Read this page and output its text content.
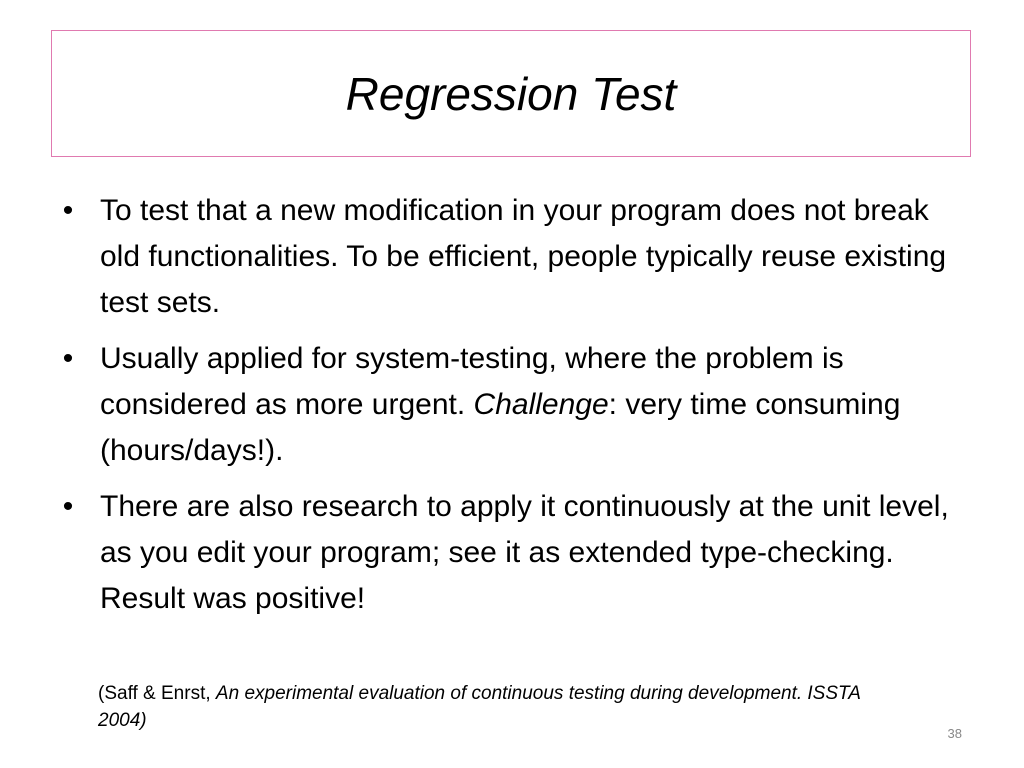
Regression Test
• To test that a new modification in your program does not break old functionalities. To be efficient, people typically reuse existing test sets.
• Usually applied for system-testing, where the problem is considered as more urgent. Challenge: very time consuming (hours/days!).
• There are also research to apply it continuously at the unit level, as you edit your program; see it as extended type-checking. Result was positive!
(Saff & Enrst, An experimental evaluation of continuous testing during development. ISSTA 2004)
38
